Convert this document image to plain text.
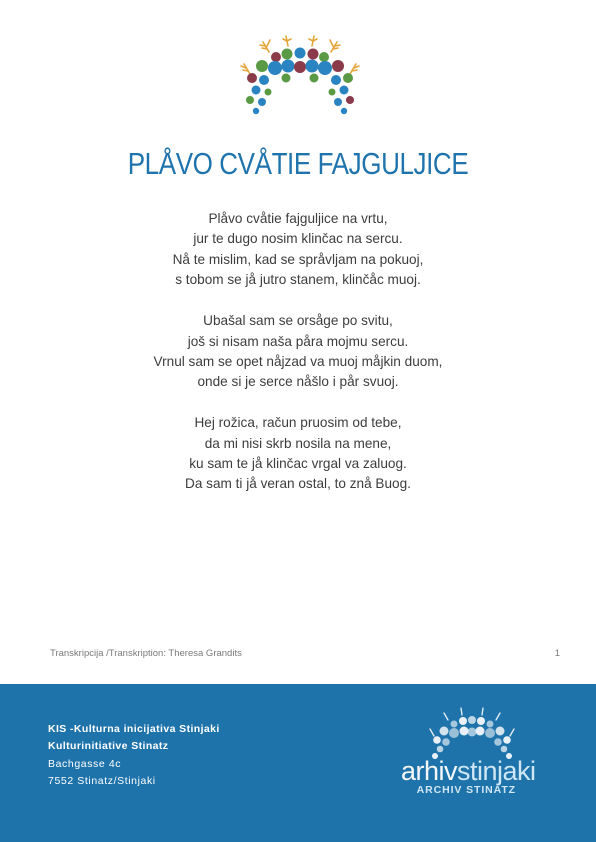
PLÅVO CVÅTIE FAJGULJICE
Plåvo cvåtie fajguljice na vrtu,
jur te dugo nosim klinčac na sercu.
Nå te mislim, kad se språvljam na pokuoj,
s tobom se jå jutro stanem, klinčåc muoj.
Ubašal sam se orsåge po svitu,
još si nisam naša påra mojmu sercu.
Vrnul sam se opet nåjzad va muoj måjkin duom,
onde si je serce nåšlo i pår svuoj.
Hej rožica, račun pruosim od tebe,
da mi nisi skrb nosila na mene,
ku sam te jå klinčac vrgal va zaluog.
Da sam ti jå veran ostal, to znå Buog.
Transkripcija /Transkription: Theresa Grandits	1
KIS -Kulturna inicijativa Stinjaki
Kulturinitiative Stinatz
Bachgasse 4c
7552 Stinatz/Stinjaki	arhivstinjaki
ARCHIV STINATZ
